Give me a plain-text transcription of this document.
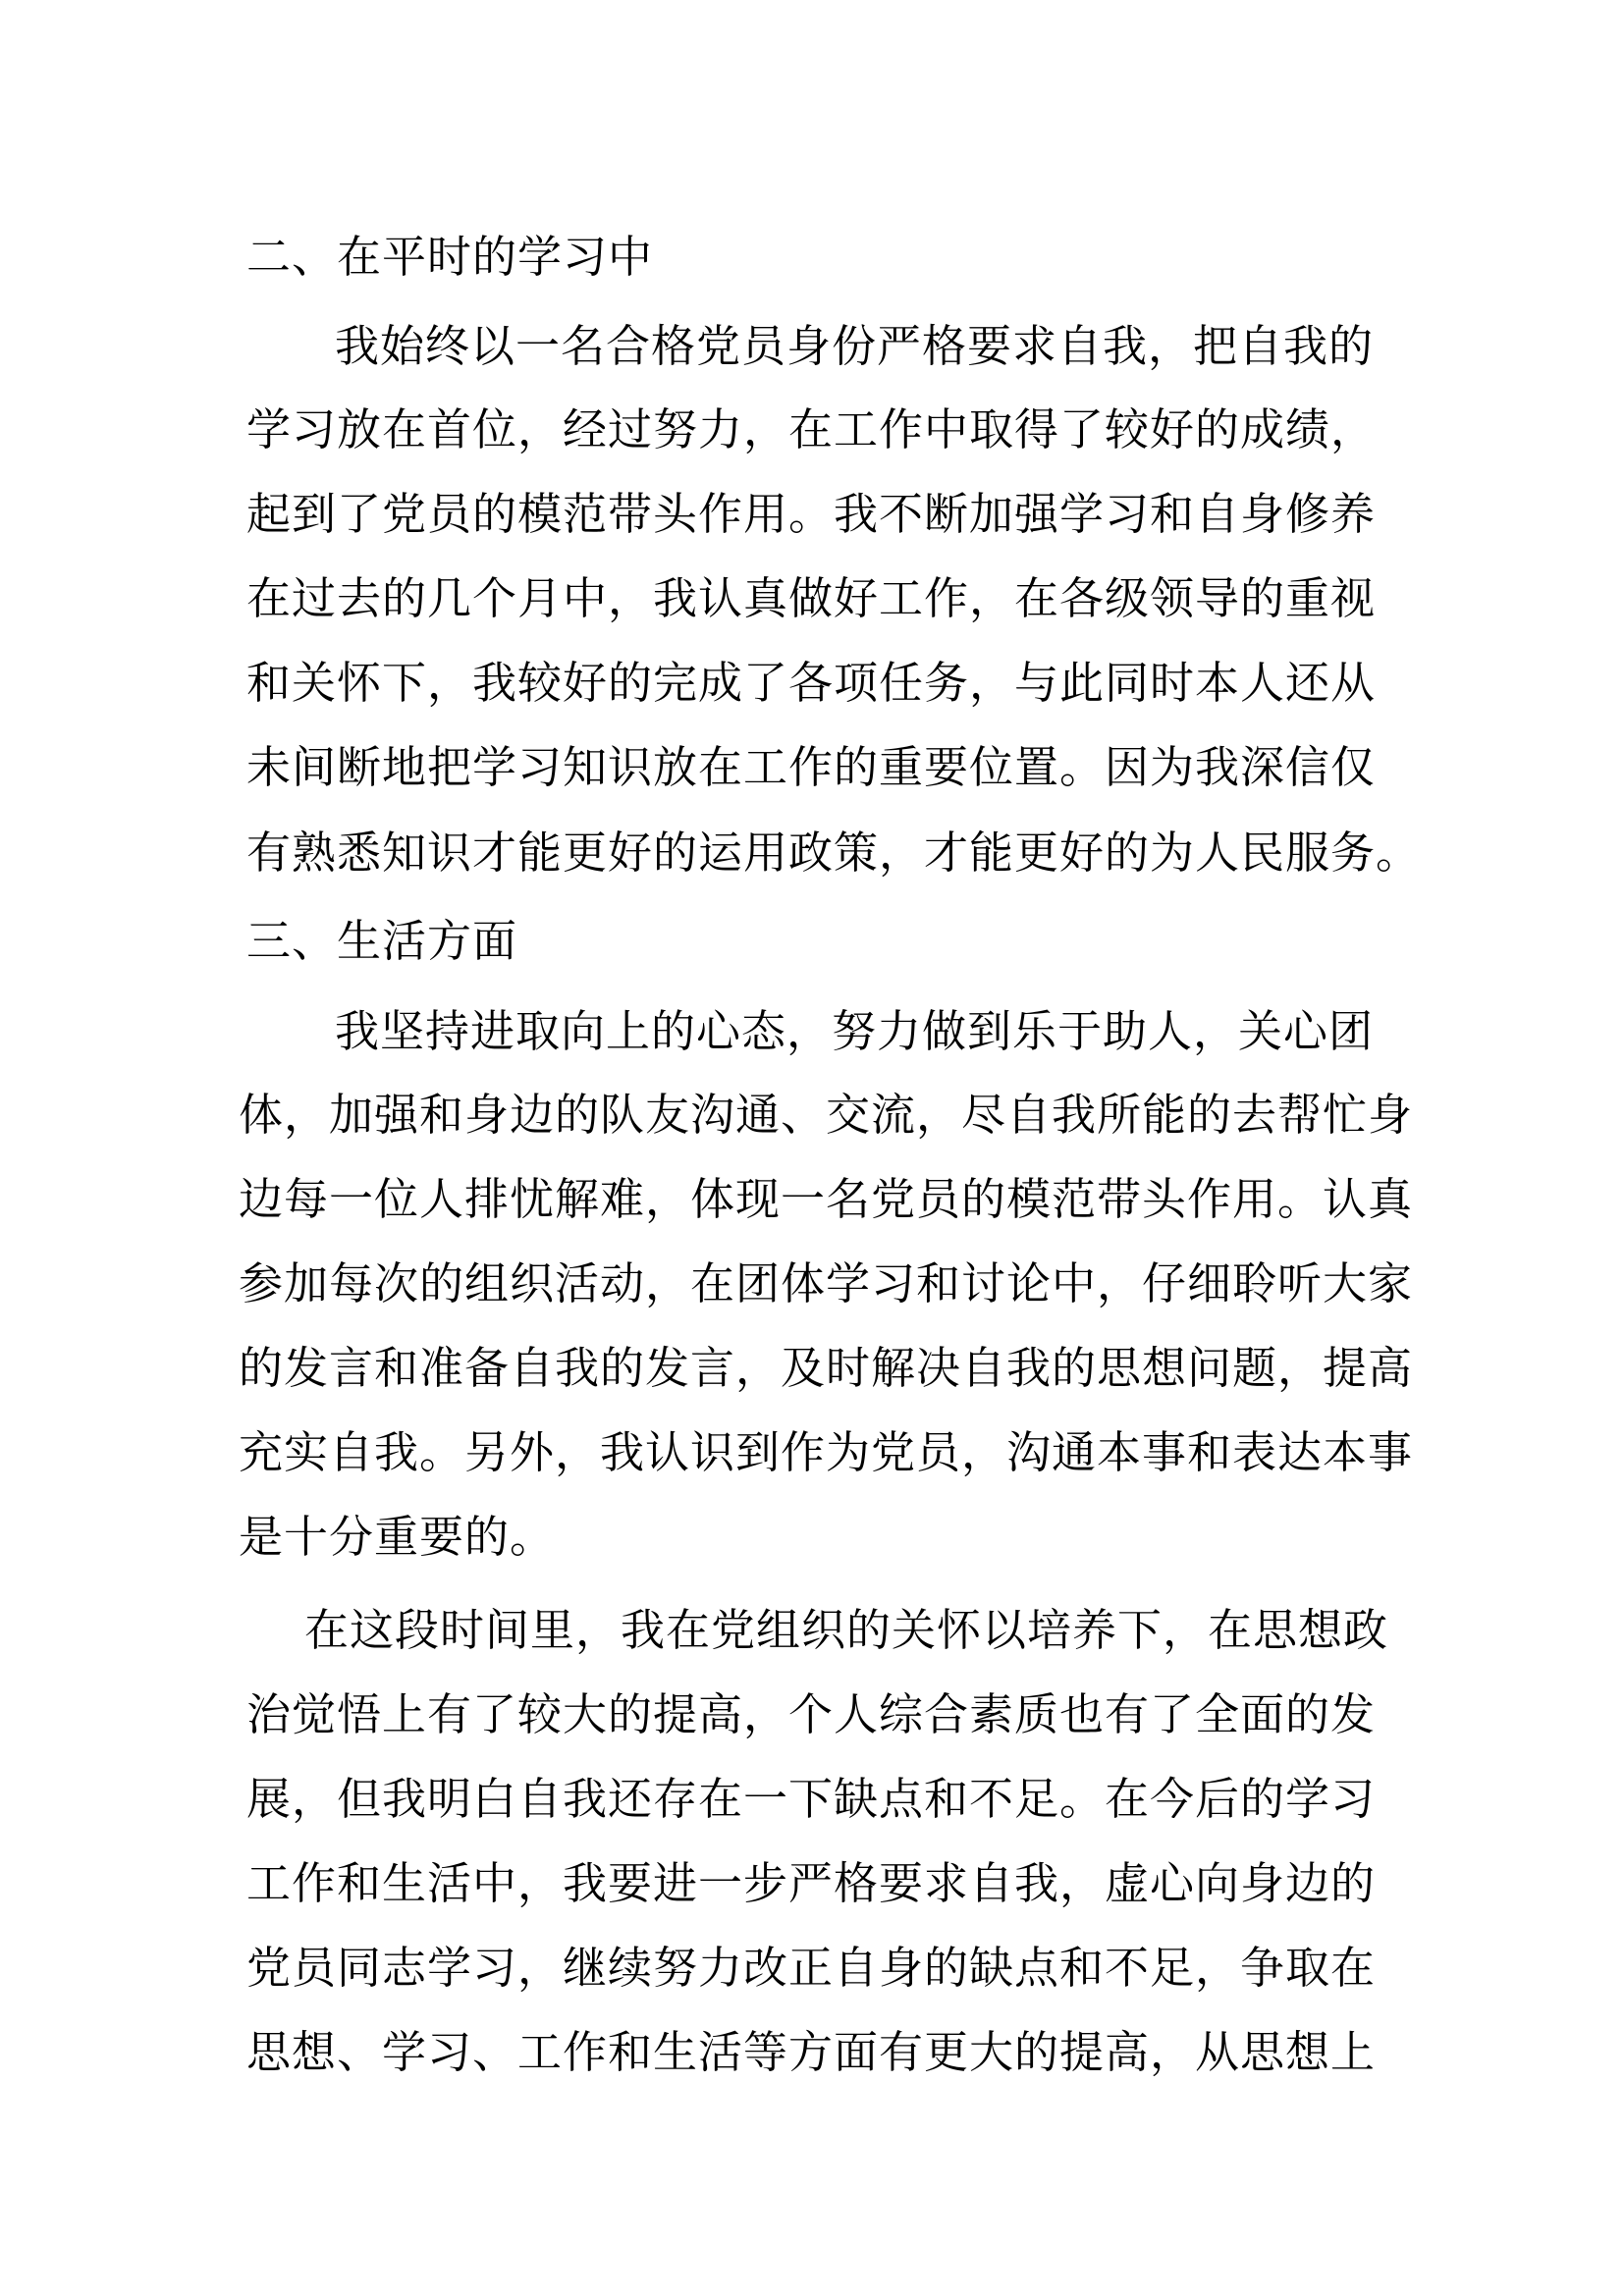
二、在平时的学习中
我始终以一名合格党员身份严格要求自我，把自我的
学习放在首位，经过努力，在工作中取得了较好的成绩，
起到了党员的模范带头作用。我不断加强学习和自身修养
在过去的几个月中，我认真做好工作，在各级领导的重视
和关怀下，我较好的完成了各项任务，与此同时本人还从
未间断地把学习知识放在工作的重要位置。因为我深信仅
有熟悉知识才能更好的运用政策，才能更好的为人民服务。
三、生活方面
我坚持进取向上的心态，努力做到乐于助人，关心团
体，加强和身边的队友沟通、交流，尽自我所能的去帮忙身
边每一位人排忧解难，体现一名党员的模范带头作用。认真
参加每次的组织活动，在团体学习和讨论中，仔细聆听大家
的发言和准备自我的发言，及时解决自我的思想问题，提高
充实自我。另外，我认识到作为党员，沟通本事和表达本事
是十分重要的。
在这段时间里，我在党组织的关怀以培养下，在思想政
治觉悟上有了较大的提高，个人综合素质也有了全面的发
展，但我明白自我还存在一下缺点和不足。在今后的学习
工作和生活中，我要进一步严格要求自我，虚心向身边的
党员同志学习，继续努力改正自身的缺点和不足，争取在
思想、学习、工作和生活等方面有更大的提高，从思想上
